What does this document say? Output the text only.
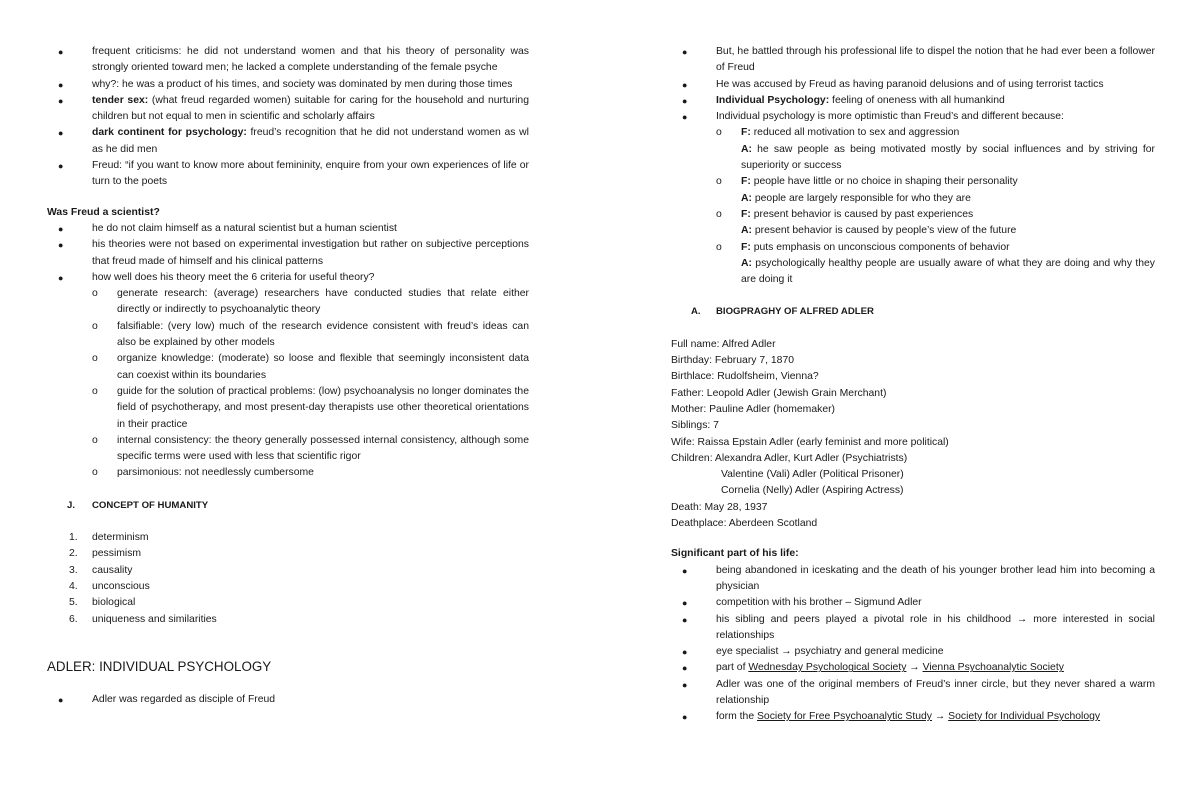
●	frequent criticisms: he did not understand women and that his theory of personality was strongly oriented toward men; he lacked a complete understanding of the female psyche
●	why?: he was a product of his times, and society was dominated by men during those times
●	tender sex: (what freud regarded women) suitable for caring for the household and nurturing children but not equal to men in scientific and scholarly affairs
●	dark continent for psychology: freud’s recognition that he did not understand women as wl as he did men
●	Freud: “if you want to know more about femininity, enquire from your own experiences of life or turn to the poets
Was Freud a scientist?
●	he do not claim himself as a natural scientist but a human scientist
●	his theories were not based on experimental investigation but rather on subjective perceptions that freud made of himself and his clinical patterns
●	how well does his theory meet the 6 criteria for useful theory?
o generate research: (average) researchers have conducted studies that relate either directly or indirectly to psychoanalytic theory
o falsifiable: (very low) much of the research evidence consistent with freud’s ideas can also be explained by other models
o organize knowledge: (moderate) so loose and flexible that seemingly inconsistent data can coexist within its boundaries
o guide for the solution of practical problems: (low) psychoanalysis no longer dominates the field of psychotherapy, and most present-day therapists use other theoretical orientations in their practice
o internal consistency: the theory generally possessed internal consistency, although some specific terms were used with less that scientific rigor
o parsimonious: not needlessly cumbersome
J. CONCEPT OF HUMANITY
1. determinism
2. pessimism
3. causality
4. unconscious
5. biological
6. uniqueness and similarities
ADLER: INDIVIDUAL PSYCHOLOGY
●	Adler was regarded as disciple of Freud
●	But, he battled through his professional life to dispel the notion that he had ever been a follower of Freud
●	He was accused by Freud as having paranoid delusions and of using terrorist tactics
●	Individual Psychology: feeling of oneness with all humankind
●	Individual psychology is more optimistic than Freud’s and different because:
o F: reduced all motivation to sex and aggression
A: he saw people as being motivated mostly by social influences and by striving for superiority or success
o F: people have little or no choice in shaping their personality
A: people are largely responsible for who they are
o F: present behavior is caused by past experiences
A: present behavior is caused by people’s view of the future
o F: puts emphasis on unconscious components of behavior
A: psychologically healthy people are usually aware of what they are doing and why they are doing it
A. BIOGPRAGHY OF ALFRED ADLER
Full name: Alfred Adler
Birthday: February 7, 1870
Birthlace: Rudolfsheim, Vienna?
Father: Leopold Adler (Jewish Grain Merchant)
Mother: Pauline Adler (homemaker)
Siblings: 7
Wife: Raissa Epstain Adler (early feminist and more political)
Children: Alexandra Adler, Kurt Adler (Psychiatrists)
Valentine (Vali) Adler (Political Prisoner)
Cornelia (Nelly) Adler (Aspiring Actress)
Death: May 28, 1937
Deathplace: Aberdeen Scotland
Significant part of his life:
●	being abandoned in iceskating and the death of his younger brother lead him into becoming a physician
●	competition with his brother – Sigmund Adler
●	his sibling and peers played a pivotal role in his childhood → more interested in social relationships
●	eye specialist → psychiatry and general medicine
●	part of Wednesday Psychological Society → Vienna Psychoanalytic Society
●	Adler was one of the original members of Freud’s inner circle, but they never shared a warm relationship
●	form the Society for Free Psychoanalytic Study → Society for Individual Psychology
